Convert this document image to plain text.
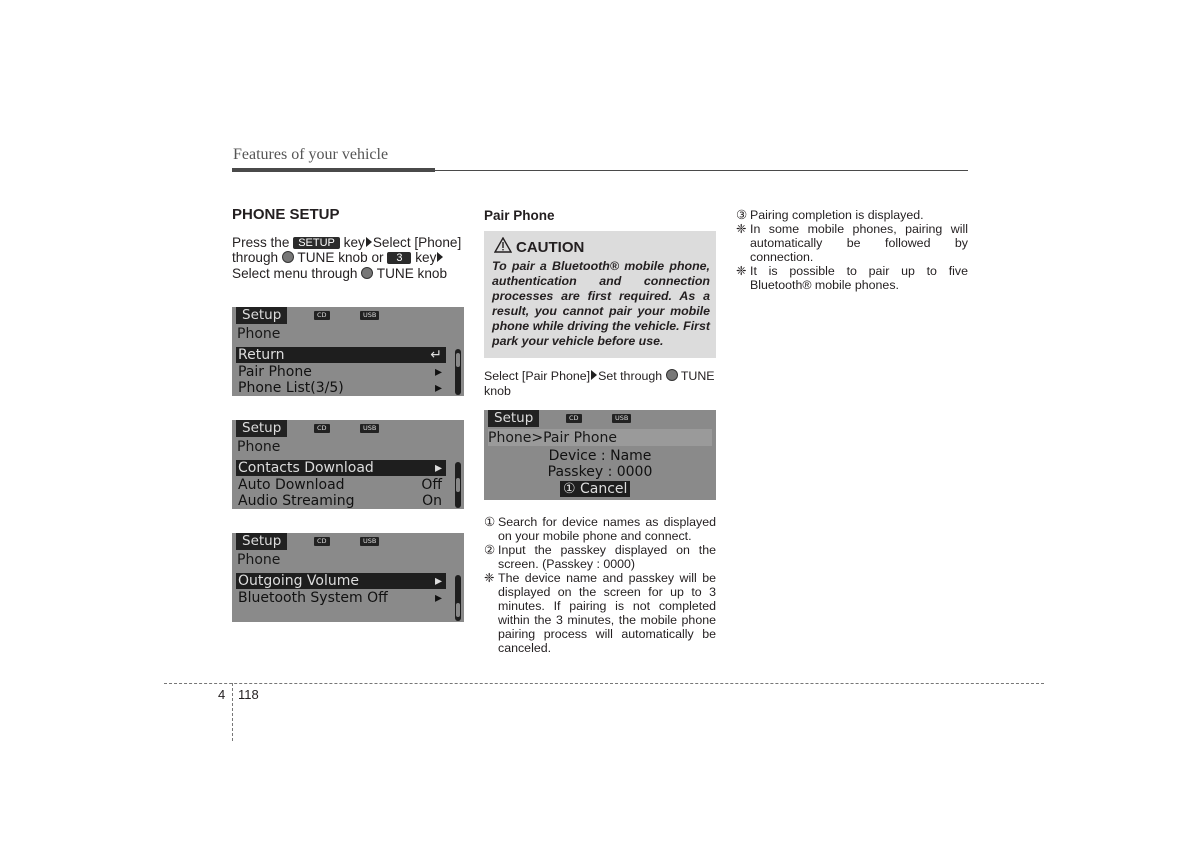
Features of your vehicle
PHONE SETUP
Press the SETUP key Select [Phone]
through TUNE knob or 3 key
Select menu through TUNE knob
Setup	CD	USB
Phone
Return	↵
Pair Phone	▸
Phone List(3/5)	▸
Setup	CD	USB
Phone
Contacts Download	▸
Auto Download	Off
Audio Streaming	On
Setup	CD	USB
Phone
Outgoing Volume	▸
Bluetooth System Off	▸
Pair Phone
CAUTION
To pair a Bluetooth® mobile phone, authentication and connection processes are first required. As a result, you cannot pair your mobile phone while driving the vehicle. First park your vehicle before use.
Select [Pair Phone] Set through TUNE
knob
Setup	CD	USB
Phone>Pair Phone
Device : Name
Passkey : 0000
① Cancel
① Search for device names as displayed on your mobile phone and connect.
② Input the passkey displayed on the screen. (Passkey : 0000)
❈ The device name and passkey will be displayed on the screen for up to 3 minutes. If pairing is not completed within the 3 minutes, the mobile phone pairing process will automatically be canceled.
③ Pairing completion is displayed.
❈ In some mobile phones, pairing will automatically be followed by connection.
❈ It is possible to pair up to five Bluetooth® mobile phones.
4 118
